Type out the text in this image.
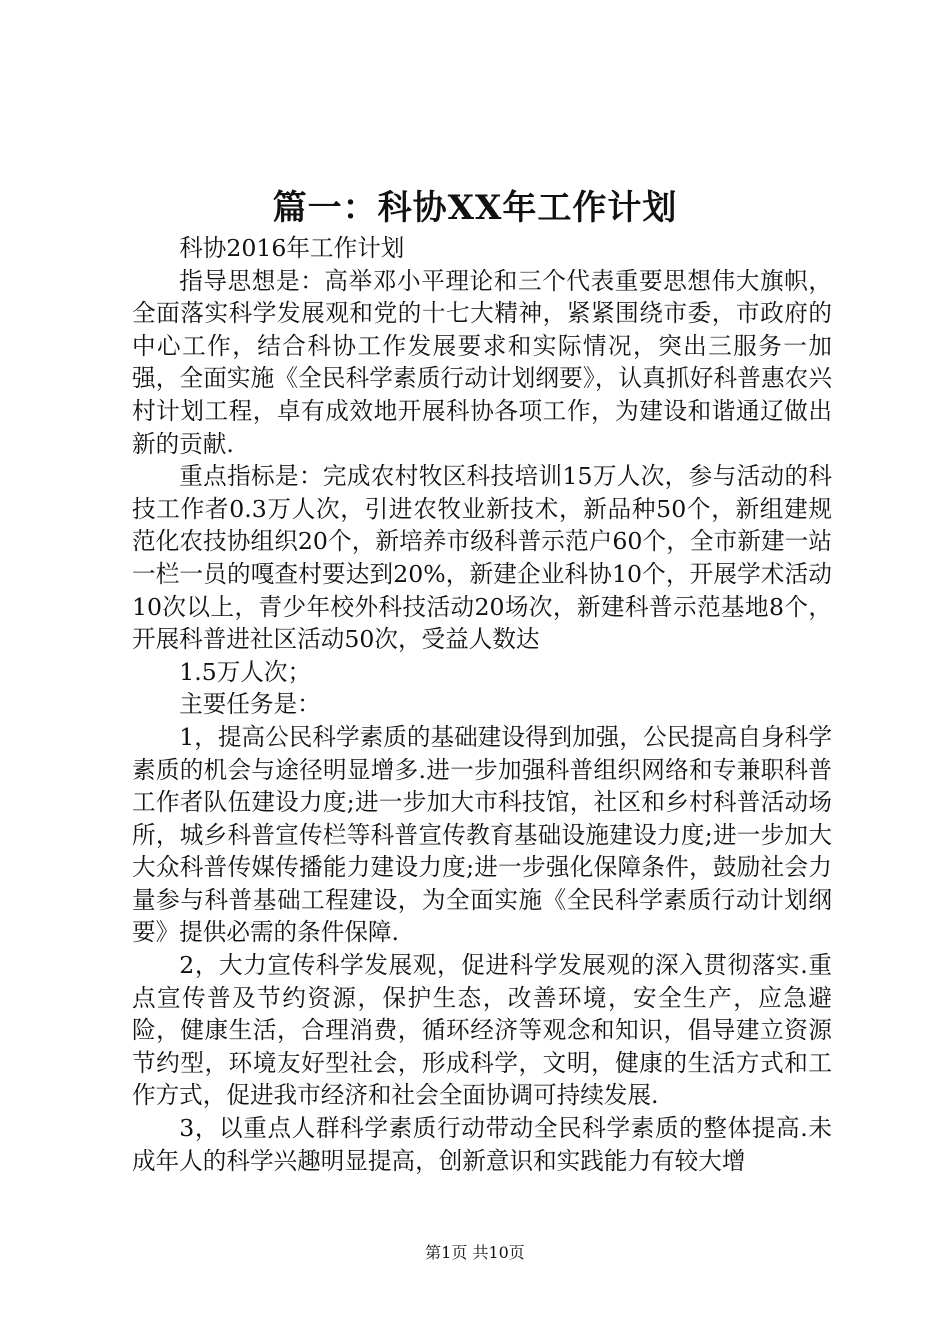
篇一：科协XX年工作计划

科协2016年工作计划

指导思想是：高举邓小平理论和三个代表重要思想伟大旗帜，全面落实科学发展观和党的十七大精神，紧紧围绕市委，市政府的中心工作，结合科协工作发展要求和实际情况，突出三服务一加强，全面实施《全民科学素质行动计划纲要》，认真抓好科普惠农兴村计划工程，卓有成效地开展科协各项工作，为建设和谐通辽做出新的贡献.

重点指标是：完成农村牧区科技培训15万人次，参与活动的科技工作者0.3万人次，引进农牧业新技术，新品种50个，新组建规范化农技协组织20个，新培养市级科普示范户60个，全市新建一站一栏一员的嘎查村要达到20%，新建企业科协10个，开展学术活动10次以上，青少年校外科技活动20场次，新建科普示范基地8个，开展科普进社区活动50次，受益人数达

1.5万人次；

主要任务是：

1，提高公民科学素质的基础建设得到加强，公民提高自身科学素质的机会与途径明显增多.进一步加强科普组织网络和专兼职科普工作者队伍建设力度;进一步加大市科技馆，社区和乡村科普活动场所，城乡科普宣传栏等科普宣传教育基础设施建设力度;进一步加大大众科普传媒传播能力建设力度;进一步强化保障条件，鼓励社会力量参与科普基础工程建设，为全面实施《全民科学素质行动计划纲要》提供必需的条件保障.

2，大力宣传科学发展观，促进科学发展观的深入贯彻落实.重点宣传普及节约资源，保护生态，改善环境，安全生产，应急避险，健康生活，合理消费，循环经济等观念和知识，倡导建立资源节约型，环境友好型社会，形成科学，文明，健康的生活方式和工作方式，促进我市经济和社会全面协调可持续发展.

3，以重点人群科学素质行动带动全民科学素质的整体提高.未成年人的科学兴趣明显提高，创新意识和实践能力有较大增

第1页 共10页
